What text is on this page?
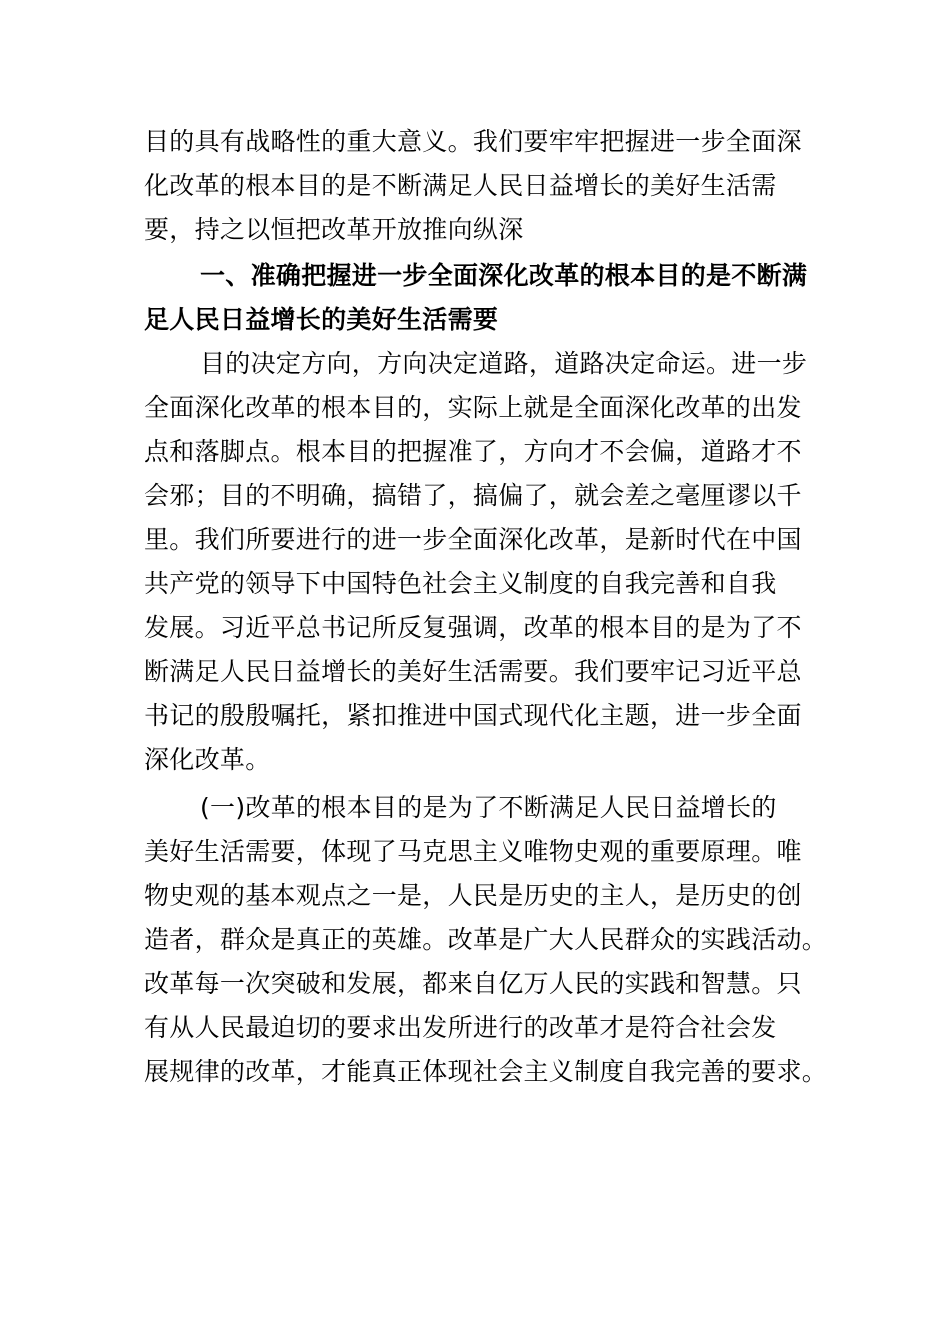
目的具有战略性的重大意义。我们要牢牢把握进一步全面深
化改革的根本目的是不断满足人民日益增长的美好生活需
要，持之以恒把改革开放推向纵深
一、准确把握进一步全面深化改革的根本目的是不断满
足人民日益增长的美好生活需要
目的决定方向，方向决定道路，道路决定命运。进一步
全面深化改革的根本目的，实际上就是全面深化改革的出发
点和落脚点。根本目的把握准了，方向才不会偏，道路才不
会邪；目的不明确，搞错了，搞偏了，就会差之毫厘谬以千
里。我们所要进行的进一步全面深化改革，是新时代在中国
共产党的领导下中国特色社会主义制度的自我完善和自我
发展。习近平总书记所反复强调，改革的根本目的是为了不
断满足人民日益增长的美好生活需要。我们要牢记习近平总
书记的殷殷嘱托，紧扣推进中国式现代化主题，进一步全面
深化改革。
(一)改革的根本目的是为了不断满足人民日益增长的
美好生活需要，体现了马克思主义唯物史观的重要原理。唯
物史观的基本观点之一是，人民是历史的主人，是历史的创
造者，群众是真正的英雄。改革是广大人民群众的实践活动。
改革每一次突破和发展，都来自亿万人民的实践和智慧。只
有从人民最迫切的要求出发所进行的改革才是符合社会发
展规律的改革，才能真正体现社会主义制度自我完善的要求。
